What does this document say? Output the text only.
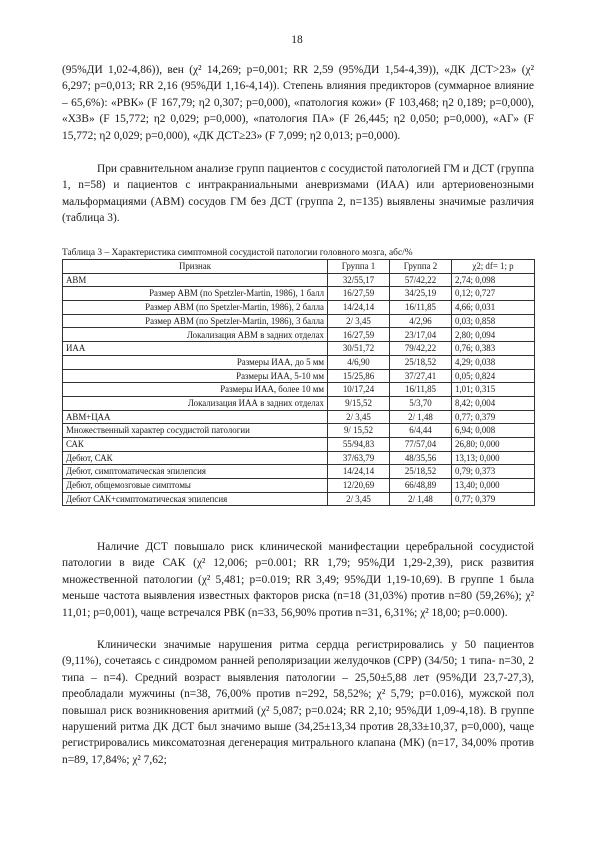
18

(95%ДИ 1,02-4,86)), вен (χ² 14,269; p=0,001; RR 2,59 (95%ДИ 1,54-4,39)), «ДК ДСТ>23» (χ² 6,297; p=0,013; RR 2,16 (95%ДИ 1,16-4,14)). Степень влияния предикторов (суммарное влияние – 65,6%): «РВК» (F 167,79; η2 0,307; p=0,000), «патология кожи» (F 103,468; η2 0,189; p=0,000), «ХЗВ» (F 15,772; η2 0,029; p=0,000), «патология ПА» (F 26,445; η2 0,050; p=0,000), «АГ» (F 15,772; η2 0,029; p=0,000), «ДК ДСТ≥23» (F 7,099; η2 0,013; p=0,000).

При сравнительном анализе групп пациентов с сосудистой патологией ГМ и ДСТ (группа 1, n=58) и пациентов с интракраниальными аневризмами (ИАА) или артериовенозными мальформациями (АВМ) сосудов ГМ без ДСТ (группа 2, n=135) выявлены значимые различия (таблица 3).

Таблица 3 – Характеристика симптомной сосудистой патологии головного мозга, абс/%
Признак	Группа 1	Группа 2	χ2; df= 1; p
АВМ	32/55,17	57/42,22	2,74; 0,098
Размер АВМ (по Spetzler-Martin, 1986), 1 балл	16/27,59	34/25,19	0,12; 0,727
Размер АВМ (по Spetzler-Martin, 1986), 2 балла	14/24,14	16/11,85	4,66; 0,031
Размер АВМ (по Spetzler-Martin, 1986), 3 балла	2/ 3,45	4/2,96	0,03; 0,858
Локализация АВМ в задних отделах	16/27,59	23/17,04	2,80; 0,094
ИАА	30/51,72	79/42,22	0,76; 0,383
Размеры ИАА, до 5 мм	4/6,90	25/18,52	4,29; 0,038
Размеры ИАА, 5-10 мм	15/25,86	37/27,41	0,05; 0,824
Размеры ИАА, более 10 мм	10/17,24	16/11,85	1,01; 0,315
Локализация ИАА в задних отделах	9/15,52	5/3,70	8,42; 0,004
АВМ+ЦАА	2/ 3,45	2/ 1,48	0,77; 0,379
Множественный характер сосудистой патологии	9/ 15,52	6/4,44	6,94; 0,008
САК	55/94,83	77/57,04	26,80; 0,000
Дебют, САК	37/63,79	48/35,56	13,13; 0,000
Дебют, симптоматическая эпилепсия	14/24,14	25/18,52	0,79; 0,373
Дебют, общемозговые симптомы	12/20,69	66/48,89	13,40; 0,000
Дебют САК+симптоматическая эпилепсия	2/ 3,45	2/ 1,48	0,77; 0,379

Наличие ДСТ повышало риск клинической манифестации церебральной сосудистой патологии в виде САК (χ² 12,006; p=0.001; RR 1,79; 95%ДИ 1,29-2,39), риск развития множественной патологии (χ² 5,481; p=0.019; RR 3,49; 95%ДИ 1,19-10,69). В группе 1 была меньше частота выявления известных факторов риска (n=18 (31,03%) против n=80 (59,26%); χ² 11,01; p=0,001), чаще встречался РВК (n=33, 56,90% против n=31, 6,31%; χ² 18,00; p=0.000).

Клинически значимые нарушения ритма сердца регистрировались у 50 пациентов (9,11%), сочетаясь с синдромом ранней реполяризации желудочков (СРР) (34/50; 1 типа- n=30, 2 типа – n=4). Средний возраст выявления патологии – 25,50±5,88 лет (95%ДИ 23,7-27,3), преобладали мужчины (n=38, 76,00% против n=292, 58,52%; χ² 5,79; p=0.016), мужской пол повышал риск возникновения аритмий (χ² 5,087; p=0.024; RR 2,10; 95%ДИ 1,09-4,18). В группе нарушений ритма ДК ДСТ был значимо выше (34,25±13,34 против 28,33±10,37, p=0,000), чаще регистрировались миксоматозная дегенерация митрального клапана (МК) (n=17, 34,00% против n=89, 17,84%; χ² 7,62;
